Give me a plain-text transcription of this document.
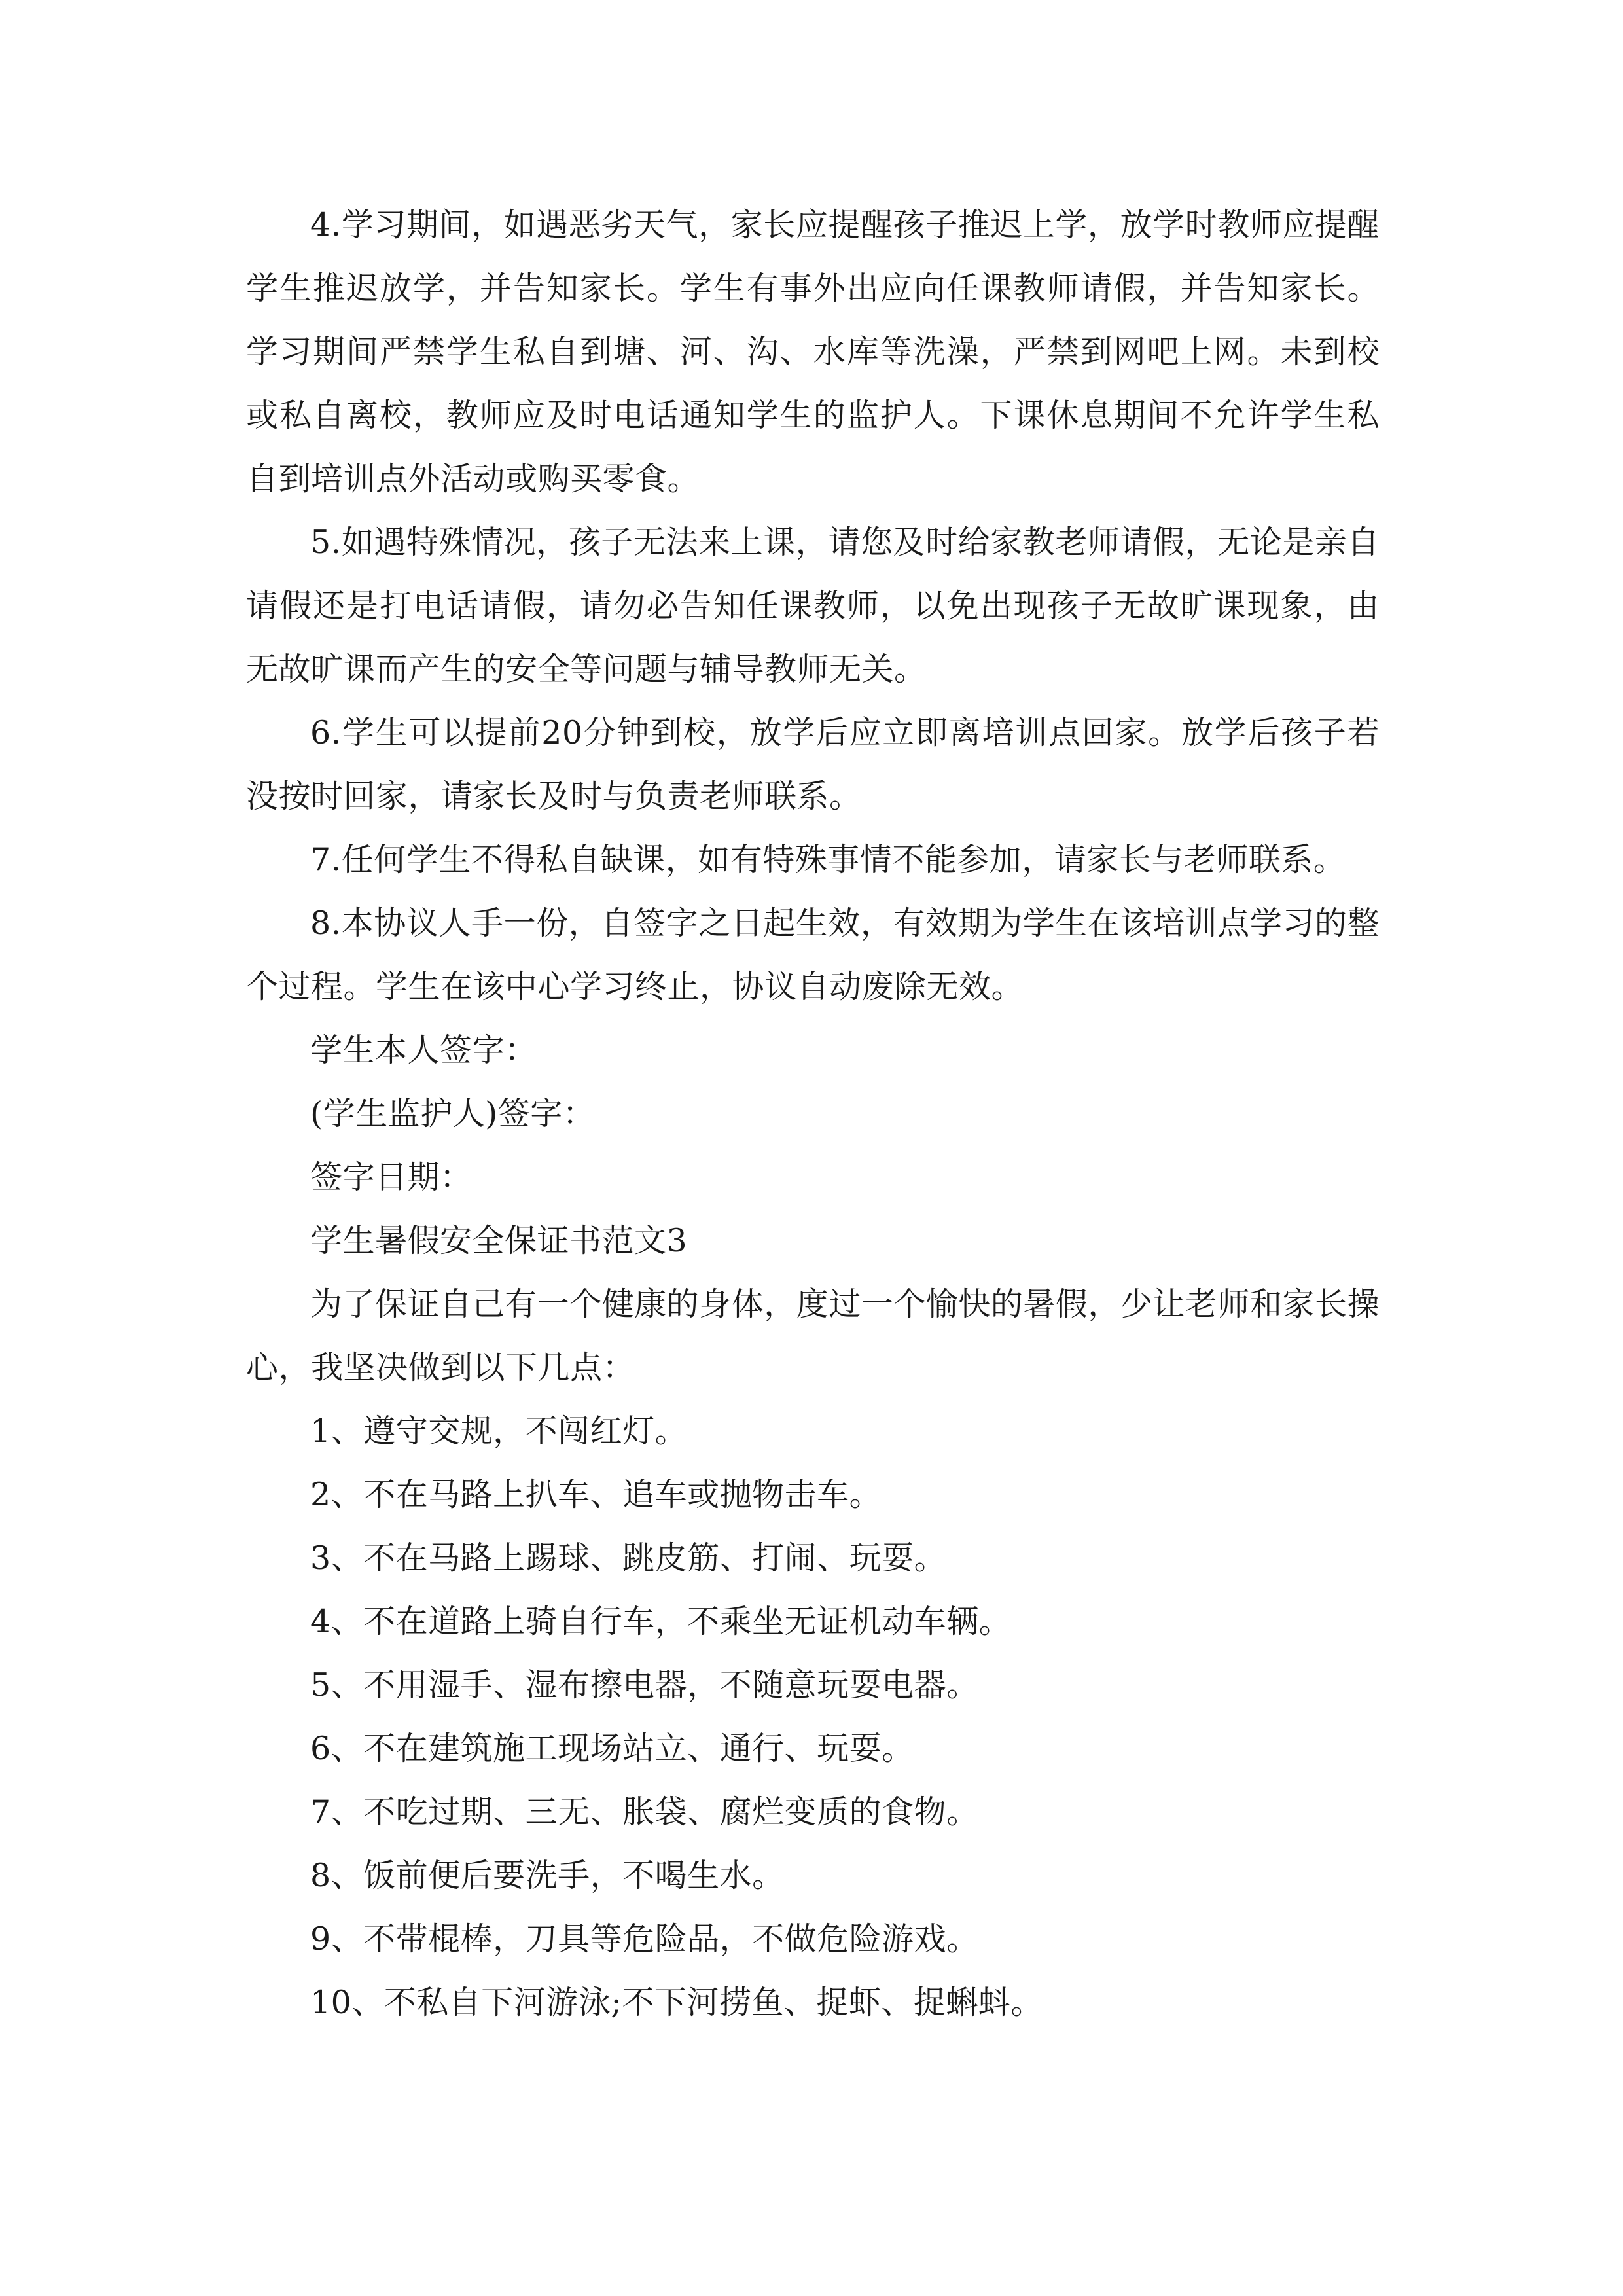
4.学习期间，如遇恶劣天气，家长应提醒孩子推迟上学，放学时教师应提醒学生推迟放学，并告知家长。学生有事外出应向任课教师请假，并告知家长。学习期间严禁学生私自到塘、河、沟、水库等洗澡，严禁到网吧上网。未到校或私自离校，教师应及时电话通知学生的监护人。下课休息期间不允许学生私自到培训点外活动或购买零食。

5.如遇特殊情况，孩子无法来上课，请您及时给家教老师请假，无论是亲自请假还是打电话请假，请勿必告知任课教师，以免出现孩子无故旷课现象，由无故旷课而产生的安全等问题与辅导教师无关。

6.学生可以提前20分钟到校，放学后应立即离培训点回家。放学后孩子若没按时回家，请家长及时与负责老师联系。

7.任何学生不得私自缺课，如有特殊事情不能参加，请家长与老师联系。

8.本协议人手一份，自签字之日起生效，有效期为学生在该培训点学习的整个过程。学生在该中心学习终止，协议自动废除无效。

学生本人签字：

(学生监护人)签字：

签字日期：

学生暑假安全保证书范文3

为了保证自己有一个健康的身体，度过一个愉快的暑假，少让老师和家长操心，我坚决做到以下几点：

1、遵守交规，不闯红灯。

2、不在马路上扒车、追车或抛物击车。

3、不在马路上踢球、跳皮筋、打闹、玩耍。

4、不在道路上骑自行车，不乘坐无证机动车辆。

5、不用湿手、湿布擦电器，不随意玩耍电器。

6、不在建筑施工现场站立、通行、玩耍。

7、不吃过期、三无、胀袋、腐烂变质的食物。

8、饭前便后要洗手，不喝生水。

9、不带棍棒，刀具等危险品，不做危险游戏。

10、不私自下河游泳;不下河捞鱼、捉虾、捉蝌蚪。
